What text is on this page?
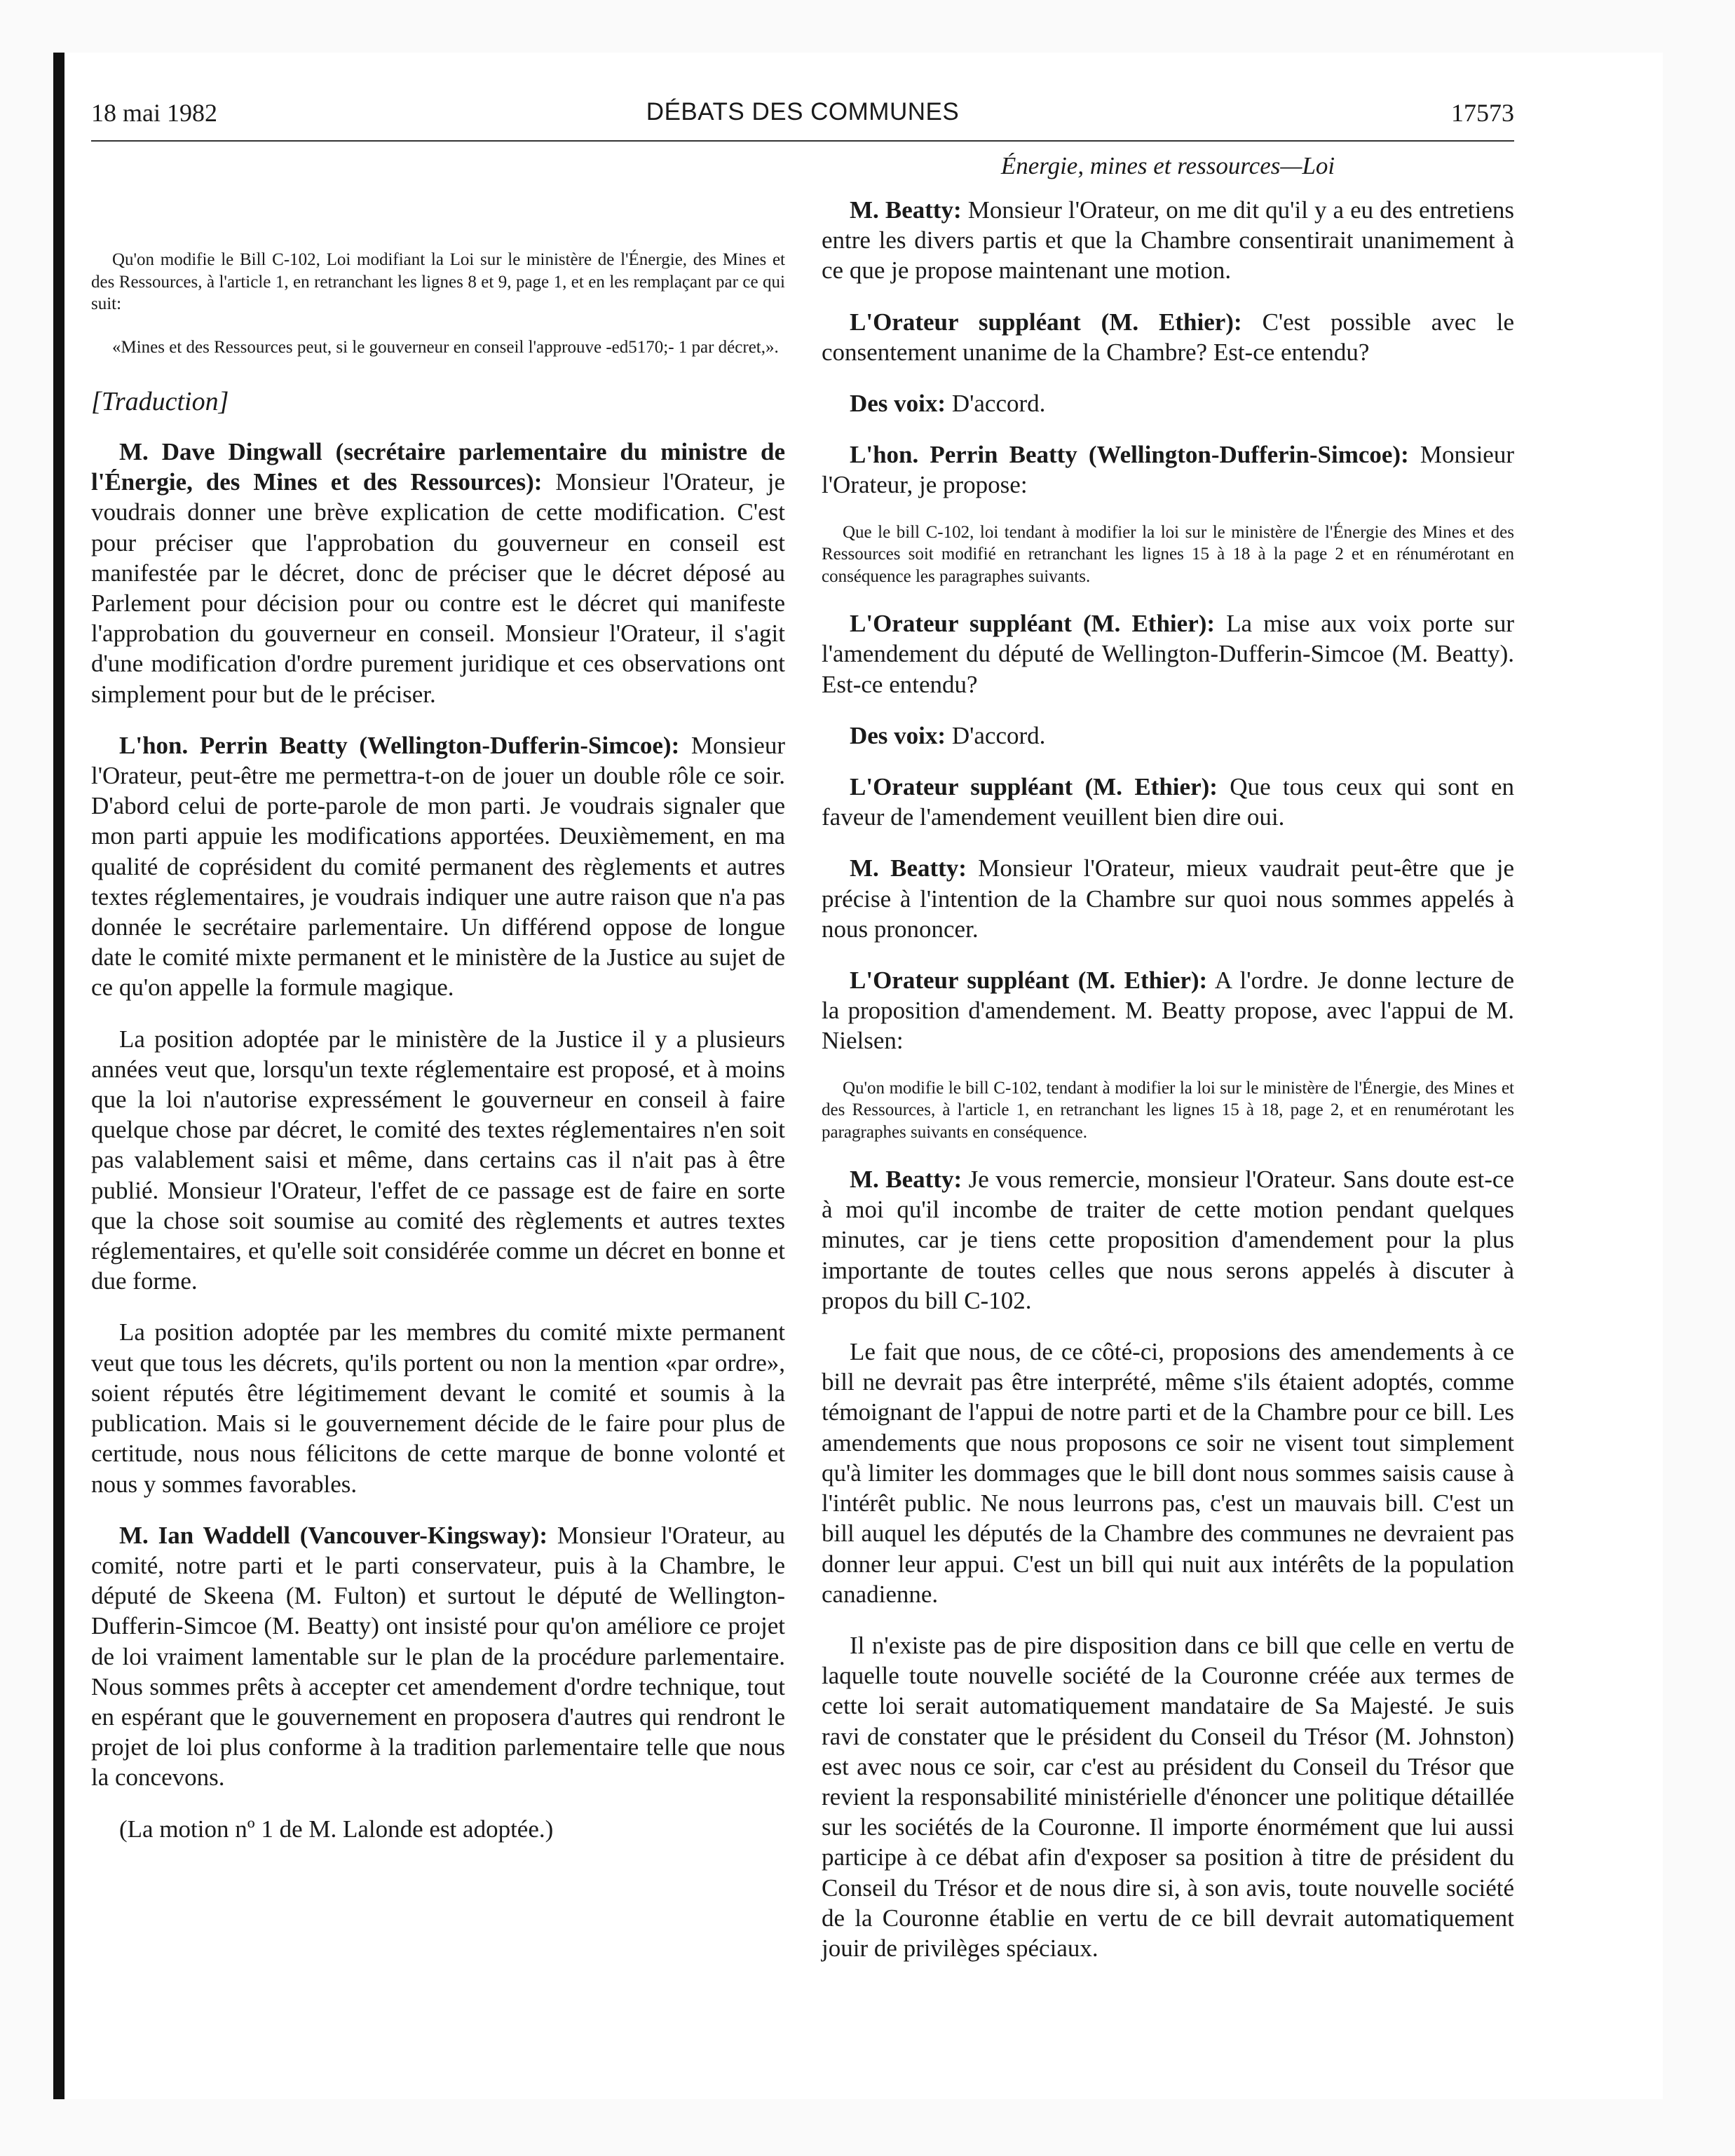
18 mai 1982	DÉBATS DES COMMUNES	17573

Qu'on modifie le Bill C-102, Loi modifiant la Loi sur le ministère de l'Énergie, des Mines et des Ressources, à l'article 1, en retranchant les lignes 8 et 9, page 1, et en les remplaçant par ce qui suit:

«Mines et des Ressources peut, si le gouverneur en conseil l'approuve -ed5170;- 1 par décret,».

[Traduction]

M. Dave Dingwall (secrétaire parlementaire du ministre de l'Énergie, des Mines et des Ressources): Monsieur l'Orateur, je voudrais donner une brève explication de cette modification. C'est pour préciser que l'approbation du gouverneur en conseil est manifestée par le décret, donc de préciser que le décret déposé au Parlement pour décision pour ou contre est le décret qui manifeste l'approbation du gouverneur en conseil. Monsieur l'Orateur, il s'agit d'une modification d'ordre purement juridique et ces observations ont simplement pour but de le préciser.

L'hon. Perrin Beatty (Wellington-Dufferin-Simcoe): Monsieur l'Orateur, peut-être me permettra-t-on de jouer un double rôle ce soir. D'abord celui de porte-parole de mon parti. Je voudrais signaler que mon parti appuie les modifications apportées. Deuxièmement, en ma qualité de coprésident du comité permanent des règlements et autres textes réglementaires, je voudrais indiquer une autre raison que n'a pas donnée le secrétaire parlementaire. Un différend oppose de longue date le comité mixte permanent et le ministère de la Justice au sujet de ce qu'on appelle la formule magique.

La position adoptée par le ministère de la Justice il y a plusieurs années veut que, lorsqu'un texte réglementaire est proposé, et à moins que la loi n'autorise expressément le gouverneur en conseil à faire quelque chose par décret, le comité des textes réglementaires n'en soit pas valablement saisi et même, dans certains cas il n'ait pas à être publié. Monsieur l'Orateur, l'effet de ce passage est de faire en sorte que la chose soit soumise au comité des règlements et autres textes réglementaires, et qu'elle soit considérée comme un décret en bonne et due forme.

La position adoptée par les membres du comité mixte permanent veut que tous les décrets, qu'ils portent ou non la mention «par ordre», soient réputés être légitimement devant le comité et soumis à la publication. Mais si le gouvernement décide de le faire pour plus de certitude, nous nous félicitons de cette marque de bonne volonté et nous y sommes favorables.

M. Ian Waddell (Vancouver-Kingsway): Monsieur l'Orateur, au comité, notre parti et le parti conservateur, puis à la Chambre, le député de Skeena (M. Fulton) et surtout le député de Wellington-Dufferin-Simcoe (M. Beatty) ont insisté pour qu'on améliore ce projet de loi vraiment lamentable sur le plan de la procédure parlementaire. Nous sommes prêts à accepter cet amendement d'ordre technique, tout en espérant que le gouvernement en proposera d'autres qui rendront le projet de loi plus conforme à la tradition parlementaire telle que nous la concevons.

(La motion nº 1 de M. Lalonde est adoptée.)

Énergie, mines et ressources—Loi

M. Beatty: Monsieur l'Orateur, on me dit qu'il y a eu des entretiens entre les divers partis et que la Chambre consentirait unanimement à ce que je propose maintenant une motion.

L'Orateur suppléant (M. Ethier): C'est possible avec le consentement unanime de la Chambre? Est-ce entendu?

Des voix: D'accord.

L'hon. Perrin Beatty (Wellington-Dufferin-Simcoe): Monsieur l'Orateur, je propose:

Que le bill C-102, loi tendant à modifier la loi sur le ministère de l'Énergie des Mines et des Ressources soit modifié en retranchant les lignes 15 à 18 à la page 2 et en rénumérotant en conséquence les paragraphes suivants.

L'Orateur suppléant (M. Ethier): La mise aux voix porte sur l'amendement du député de Wellington-Dufferin-Simcoe (M. Beatty). Est-ce entendu?

Des voix: D'accord.

L'Orateur suppléant (M. Ethier): Que tous ceux qui sont en faveur de l'amendement veuillent bien dire oui.

M. Beatty: Monsieur l'Orateur, mieux vaudrait peut-être que je précise à l'intention de la Chambre sur quoi nous sommes appelés à nous prononcer.

L'Orateur suppléant (M. Ethier): A l'ordre. Je donne lecture de la proposition d'amendement. M. Beatty propose, avec l'appui de M. Nielsen:

Qu'on modifie le bill C-102, tendant à modifier la loi sur le ministère de l'Énergie, des Mines et des Ressources, à l'article 1, en retranchant les lignes 15 à 18, page 2, et en renumérotant les paragraphes suivants en conséquence.

M. Beatty: Je vous remercie, monsieur l'Orateur. Sans doute est-ce à moi qu'il incombe de traiter de cette motion pendant quelques minutes, car je tiens cette proposition d'amendement pour la plus importante de toutes celles que nous serons appelés à discuter à propos du bill C-102.

Le fait que nous, de ce côté-ci, proposions des amendements à ce bill ne devrait pas être interprété, même s'ils étaient adoptés, comme témoignant de l'appui de notre parti et de la Chambre pour ce bill. Les amendements que nous proposons ce soir ne visent tout simplement qu'à limiter les dommages que le bill dont nous sommes saisis cause à l'intérêt public. Ne nous leurrons pas, c'est un mauvais bill. C'est un bill auquel les députés de la Chambre des communes ne devraient pas donner leur appui. C'est un bill qui nuit aux intérêts de la population canadienne.

Il n'existe pas de pire disposition dans ce bill que celle en vertu de laquelle toute nouvelle société de la Couronne créée aux termes de cette loi serait automatiquement mandataire de Sa Majesté. Je suis ravi de constater que le président du Conseil du Trésor (M. Johnston) est avec nous ce soir, car c'est au président du Conseil du Trésor que revient la responsabilité ministérielle d'énoncer une politique détaillée sur les sociétés de la Couronne. Il importe énormément que lui aussi participe à ce débat afin d'exposer sa position à titre de président du Conseil du Trésor et de nous dire si, à son avis, toute nouvelle société de la Couronne établie en vertu de ce bill devrait automatiquement jouir de privilèges spéciaux.
